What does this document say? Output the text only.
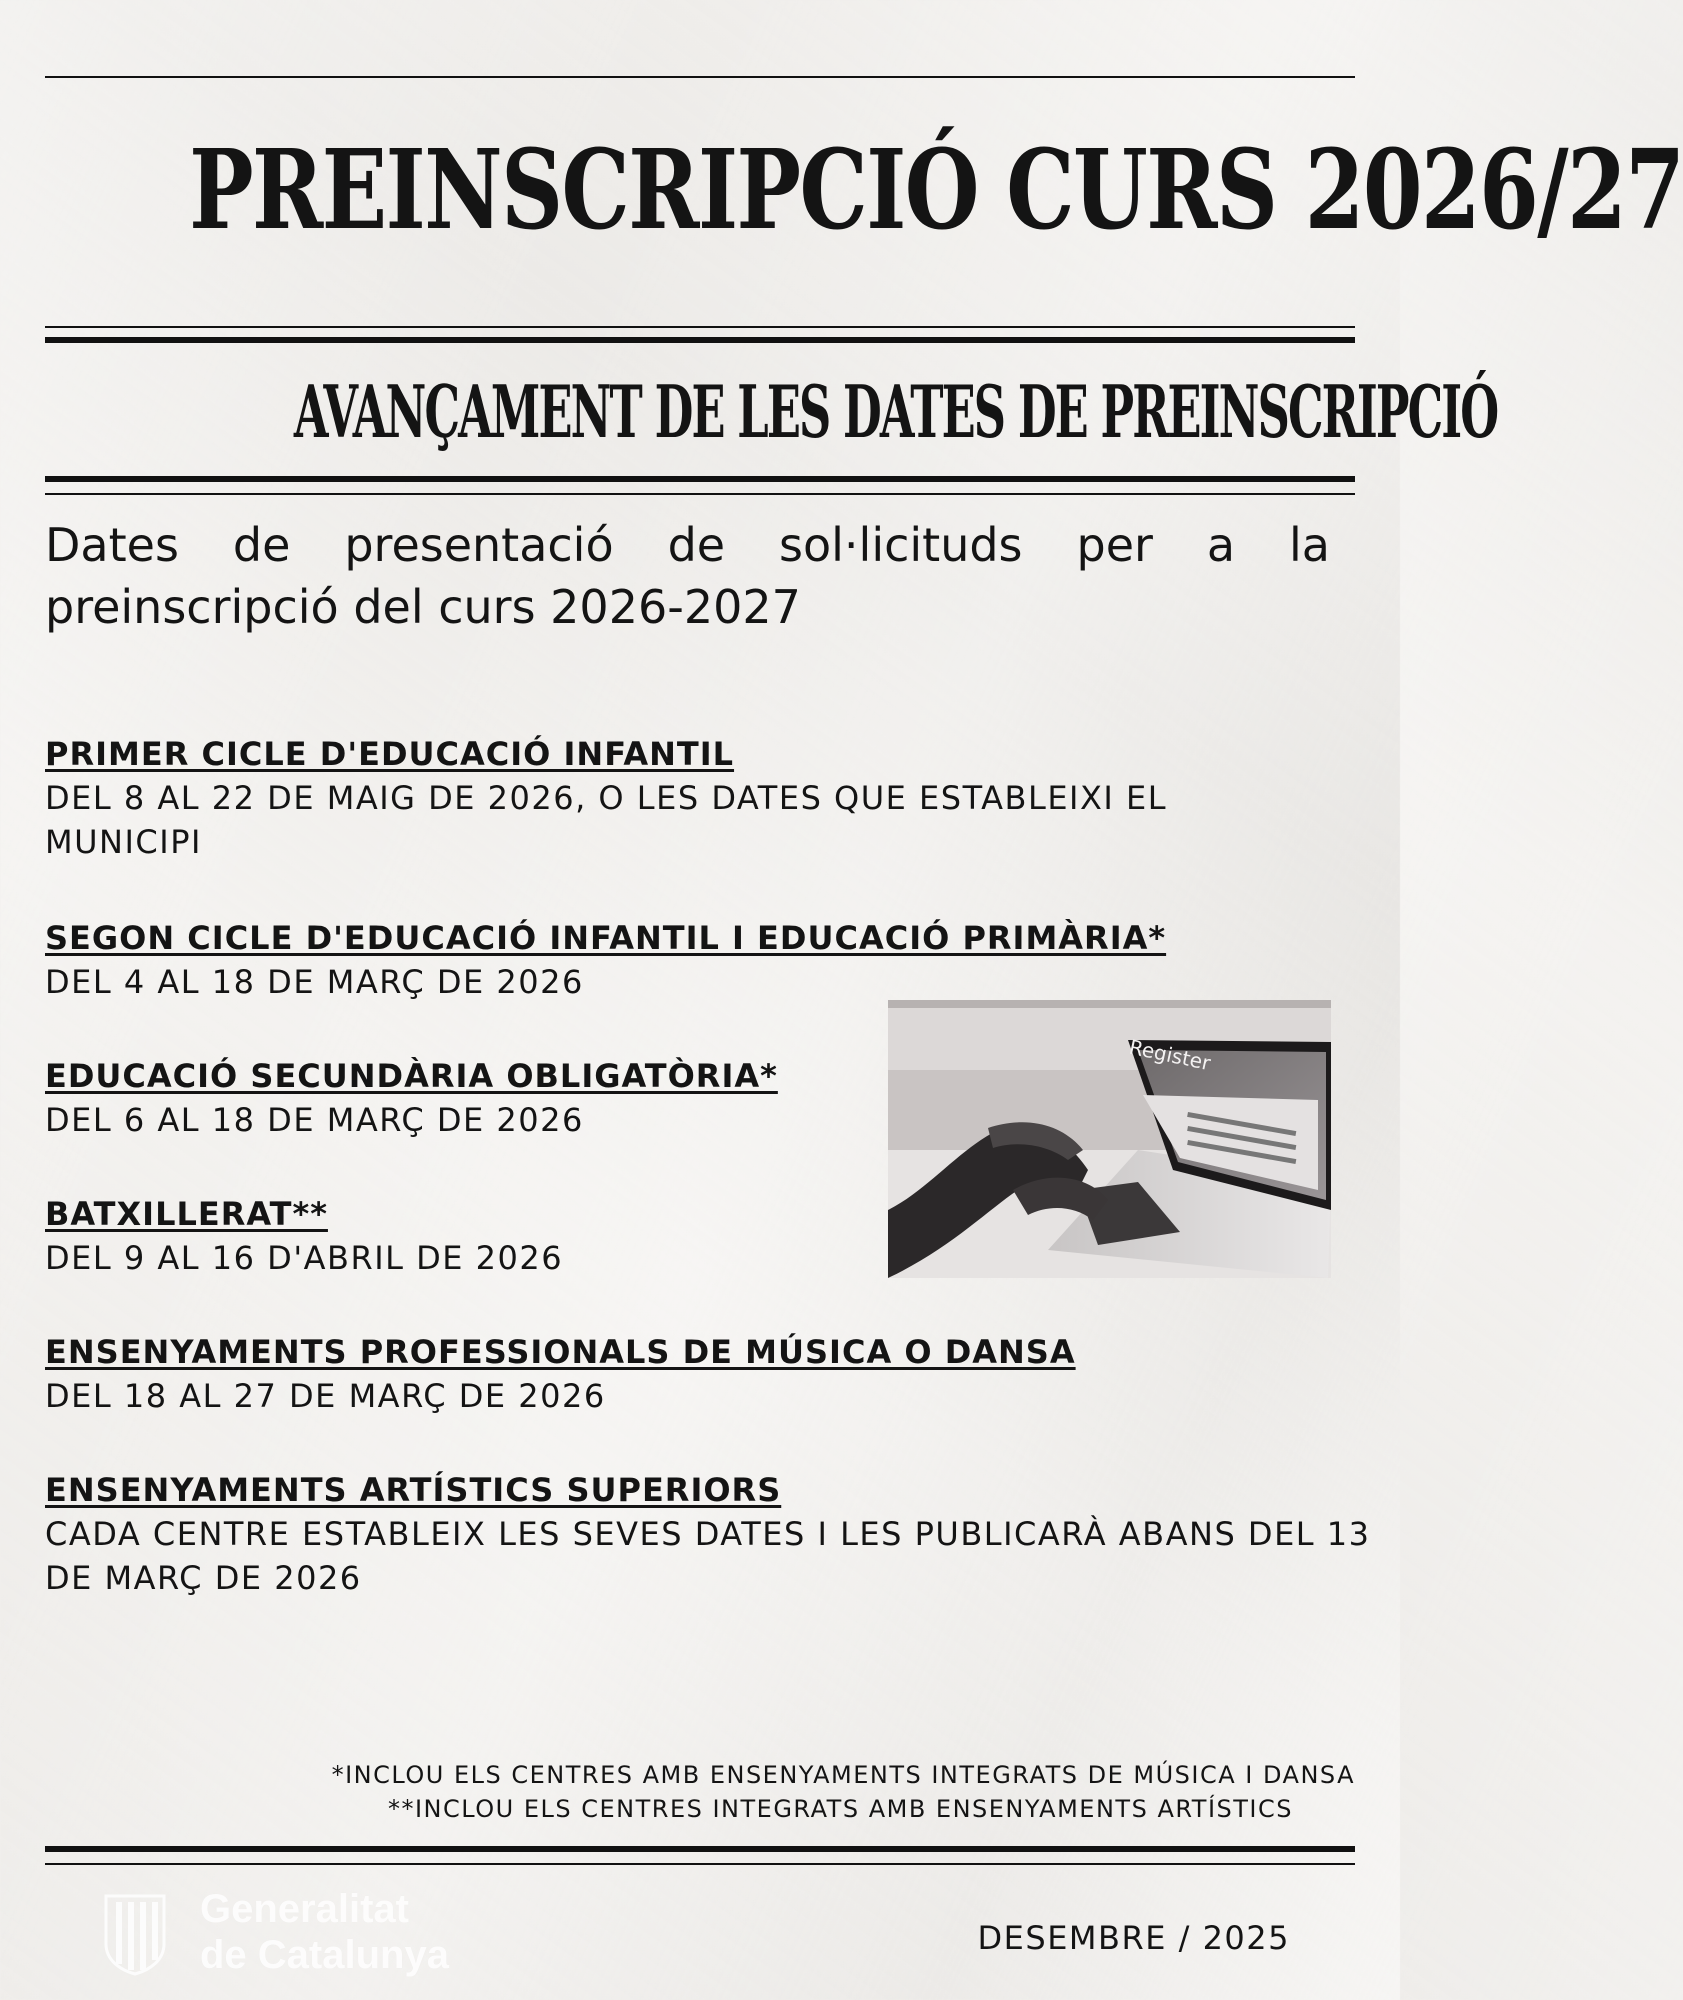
PREINSCRIPCIÓ CURS 2026/27
AVANÇAMENT DE LES DATES DE PREINSCRIPCIÓ

Dates de presentació de sol·licituds per a la preinscripció del curs 2026-2027

PRIMER CICLE D'EDUCACIÓ INFANTIL
DEL 8 AL 22 DE MAIG DE 2026, O LES DATES QUE ESTABLEIXI EL MUNICIPI
SEGON CICLE D'EDUCACIÓ INFANTIL I EDUCACIÓ PRIMÀRIA*
DEL 4 AL 18 DE MARÇ DE 2026
EDUCACIÓ SECUNDÀRIA OBLIGATÒRIA*
DEL 6 AL 18 DE MARÇ DE 2026
BATXILLERAT**
DEL 9 AL 16 D'ABRIL DE 2026
ENSENYAMENTS PROFESSIONALS DE MÚSICA O DANSA
DEL 18 AL 27 DE MARÇ DE 2026
ENSENYAMENTS ARTÍSTICS SUPERIORS
CADA CENTRE ESTABLEIX LES SEVES DATES I LES PUBLICARÀ ABANS DEL 13 DE MARÇ DE 2026
Register
*INCLOU ELS CENTRES AMB ENSENYAMENTS INTEGRATS DE MÚSICA I DANSA
**INCLOU ELS CENTRES INTEGRATS AMB ENSENYAMENTS ARTÍSTICS
Generalitat
de Catalunya	DESEMBRE / 2025
